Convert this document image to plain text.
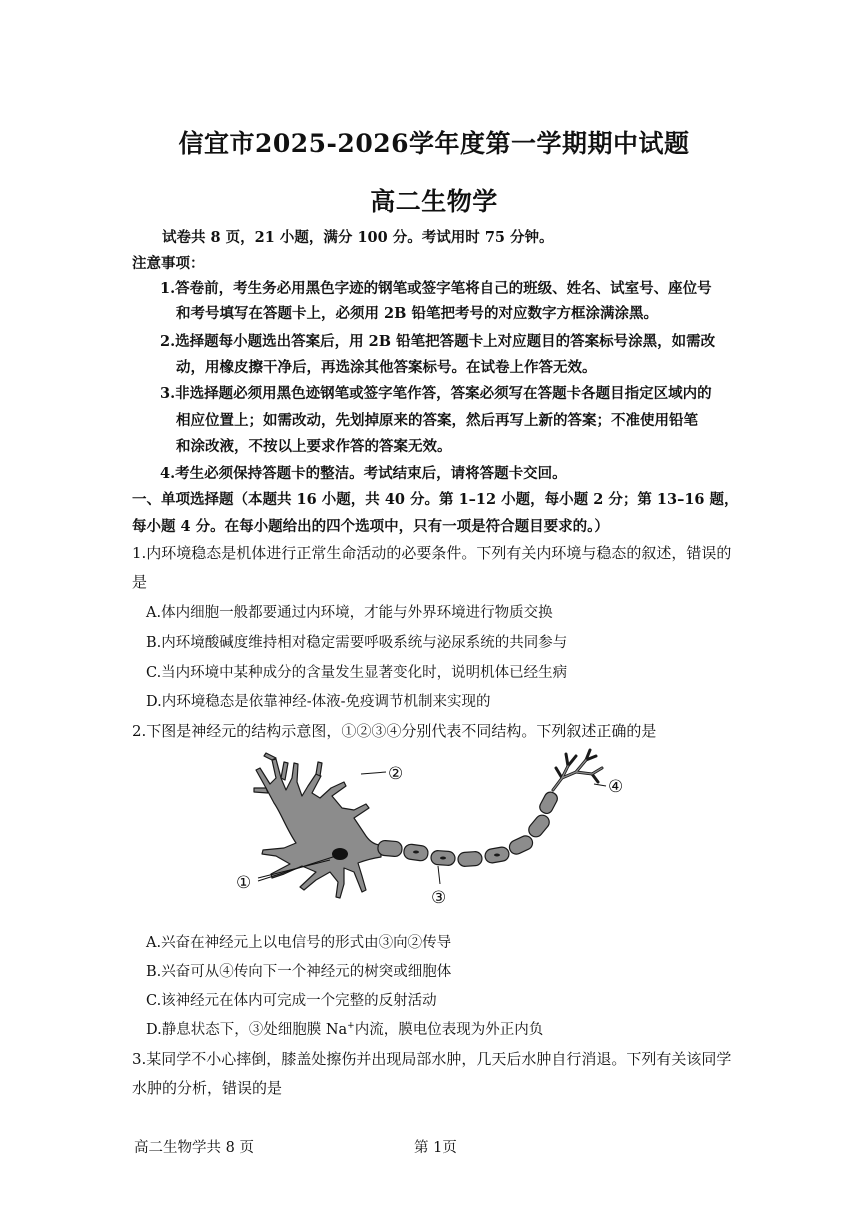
信宜市2025-2026学年度第一学期期中试题
高二生物学
试卷共 8 页，21 小题，满分 100 分。考试用时 75 分钟。
注意事项：
1.答卷前，考生务必用黑色字迹的钢笔或签字笔将自己的班级、姓名、试室号、座位号
和考号填写在答题卡上，必须用 2B 铅笔把考号的对应数字方框涂满涂黑。
2.选择题每小题选出答案后，用 2B 铅笔把答题卡上对应题目的答案标号涂黑，如需改
动，用橡皮擦干净后，再选涂其他答案标号。在试卷上作答无效。
3.非选择题必须用黑色迹钢笔或签字笔作答，答案必须写在答题卡各题目指定区域内的
相应位置上；如需改动，先划掉原来的答案，然后再写上新的答案；不准使用铅笔
和涂改液，不按以上要求作答的答案无效。
4.考生必须保持答题卡的整洁。考试结束后，请将答题卡交回。
一、单项选择题（本题共 16 小题，共 40 分。第 1–12 小题，每小题 2 分；第 13–16 题，
每小题 4 分。在每小题给出的四个选项中，只有一项是符合题目要求的。）
1.内环境稳态是机体进行正常生命活动的必要条件。下列有关内环境与稳态的叙述，错误的
是
A.体内细胞一般都要通过内环境，才能与外界环境进行物质交换
B.内环境酸碱度维持相对稳定需要呼吸系统与泌尿系统的共同参与
C.当内环境中某种成分的含量发生显著变化时，说明机体已经生病
D.内环境稳态是依靠神经-体液-免疫调节机制来实现的
2.下图是神经元的结构示意图，①②③④分别代表不同结构。下列叙述正确的是
①
②
③
④
A.兴奋在神经元上以电信号的形式由③向②传导
B.兴奋可从④传向下一个神经元的树突或细胞体
C.该神经元在体内可完成一个完整的反射活动
D.静息状态下，③处细胞膜 Na+内流，膜电位表现为外正内负
3.某同学不小心摔倒，膝盖处擦伤并出现局部水肿，几天后水肿自行消退。下列有关该同学
水肿的分析，错误的是
高二生物学共 8 页	第 1页
